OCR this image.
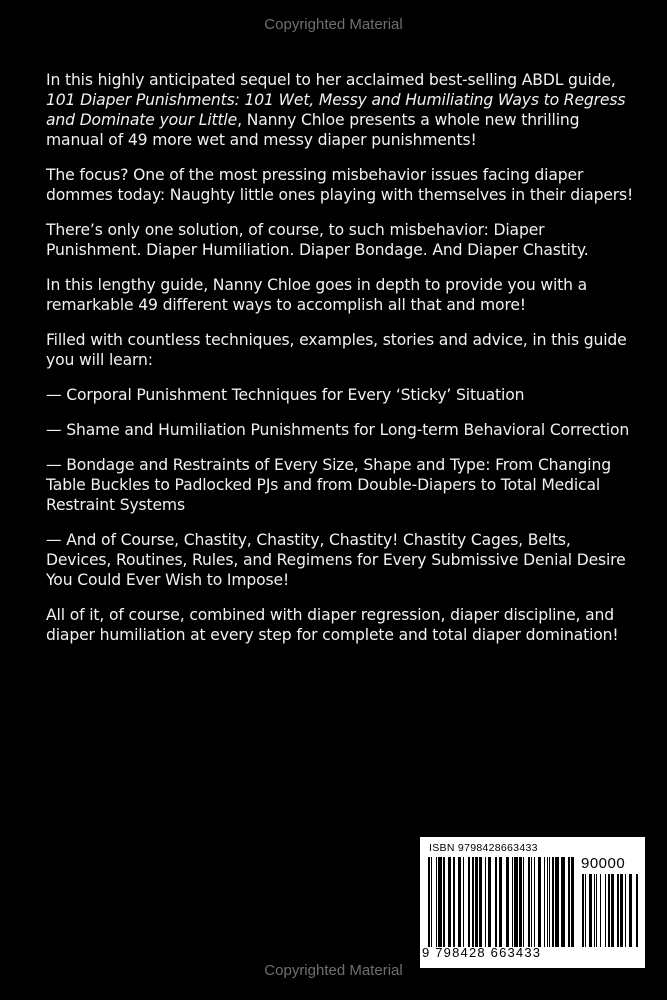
Copyrighted Material

In this highly anticipated sequel to her acclaimed best-selling ABDL guide, 101 Diaper Punishments: 101 Wet, Messy and Humiliating Ways to Regress and Dominate your Little, Nanny Chloe presents a whole new thrilling manual of 49 more wet and messy diaper punishments!

The focus? One of the most pressing misbehavior issues facing diaper dommes today: Naughty little ones playing with themselves in their diapers!

There’s only one solution, of course, to such misbehavior: Diaper Punishment. Diaper Humiliation. Diaper Bondage. And Diaper Chastity.

In this lengthy guide, Nanny Chloe goes in depth to provide you with a remarkable 49 different ways to accomplish all that and more!

Filled with countless techniques, examples, stories and advice, in this guide you will learn:

— Corporal Punishment Techniques for Every ‘Sticky’ Situation

— Shame and Humiliation Punishments for Long-term Behavioral Correction

— Bondage and Restraints of Every Size, Shape and Type: From Changing Table Buckles to Padlocked PJs and from Double-Diapers to Total Medical Restraint Systems

— And of Course, Chastity, Chastity, Chastity! Chastity Cages, Belts, Devices, Routines, Rules, and Regimens for Every Submissive Denial Desire You Could Ever Wish to Impose!

All of it, of course, combined with diaper regression, diaper discipline, and diaper humiliation at every step for complete and total diaper domination!

ISBN 9798428663433
90000
9 798428 663433
Copyrighted Material
